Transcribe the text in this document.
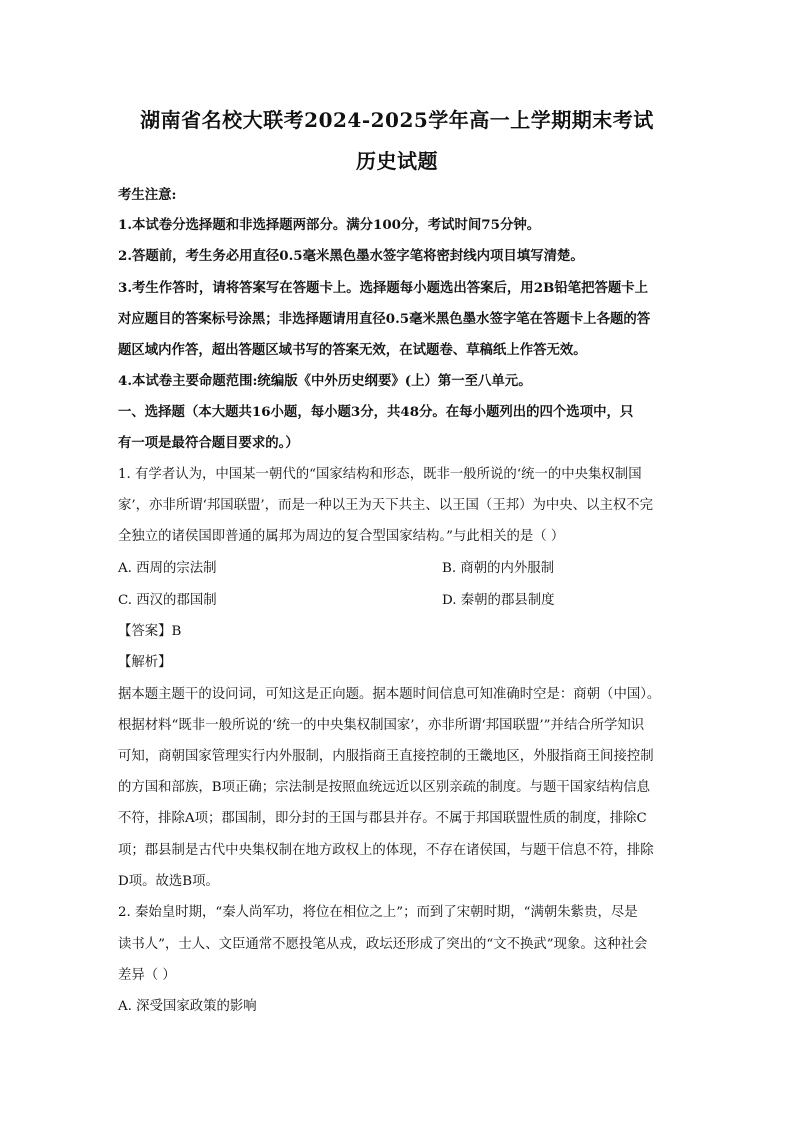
湖南省名校大联考2024-2025学年高一上学期期末考试
历史试题
考生注意:
1.本试卷分选择题和非选择题两部分。满分100分，考试时间75分钟。
2.答题前，考生务必用直径0.5毫米黑色墨水签字笔将密封线内项目填写清楚。
3.考生作答时，请将答案写在答题卡上。选择题每小题选出答案后，用2B铅笔把答题卡上
对应题目的答案标号涂黑；非选择题请用直径0.5毫米黑色墨水签字笔在答题卡上各题的答
题区域内作答，超出答题区域书写的答案无效，在试题卷、草稿纸上作答无效。
4.本试卷主要命题范围:统编版《中外历史纲要》(上）第一至八单元。
一、选择题（本大题共16小题，每小题3分，共48分。在每小题列出的四个选项中，只
有一项是最符合题目要求的。）
1. 有学者认为，中国某一朝代的“国家结构和形态，既非一般所说的‘统一的中央集权制国
家’，亦非所谓‘邦国联盟’，而是一种以王为天下共主、以王国（王邦）为中央、以主权不完
全独立的诸侯国即普通的属邦为周边的复合型国家结构。”与此相关的是（ ）
A. 西周的宗法制	B. 商朝的内外服制
C. 西汉的郡国制	D. 秦朝的郡县制度
【答案】B
【解析】
据本题主题干的设问词，可知这是正向题。据本题时间信息可知准确时空是：商朝（中国）。
根据材料“既非一般所说的‘统一的中央集权制国家’，亦非所谓‘邦国联盟’”并结合所学知识
可知，商朝国家管理实行内外服制，内服指商王直接控制的王畿地区，外服指商王间接控制
的方国和部族，B项正确；宗法制是按照血统远近以区别亲疏的制度。与题干国家结构信息
不符，排除A项；郡国制，即分封的王国与郡县并存。不属于邦国联盟性质的制度，排除C
项；郡县制是古代中央集权制在地方政权上的体现，不存在诸侯国，与题干信息不符，排除
D项。故选B项。
2. 秦始皇时期，“秦人尚军功，将位在相位之上”；而到了宋朝时期，“满朝朱紫贵，尽是
读书人”，士人、文臣通常不愿投笔从戎，政坛还形成了突出的“文不换武”现象。这种社会
差异（ ）
A. 深受国家政策的影响
